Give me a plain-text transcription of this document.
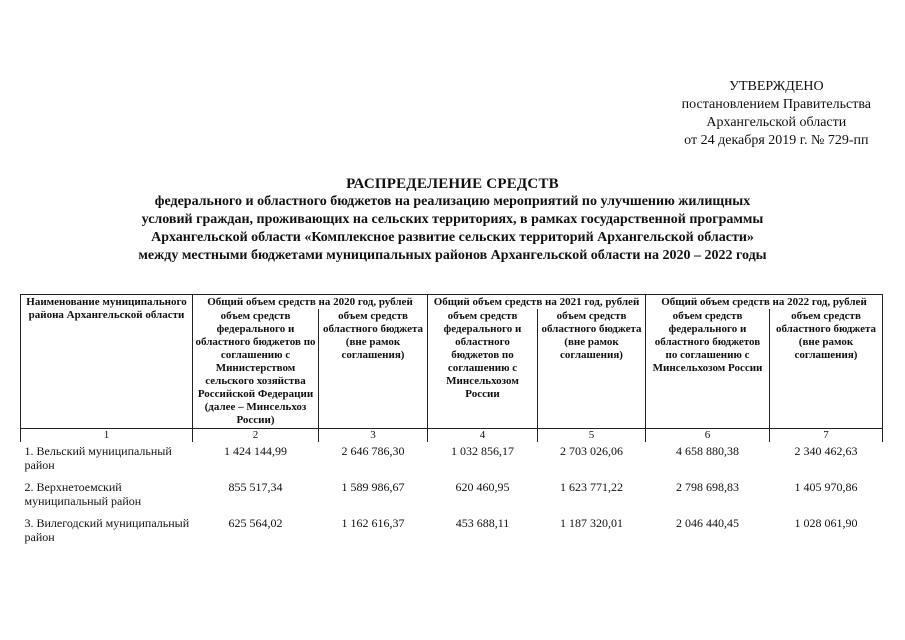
УТВЕРЖДЕНО
постановлением Правительства
Архангельской области
от 24 декабря 2019 г. № 729-пп
РАСПРЕДЕЛЕНИЕ СРЕДСТВ
федерального и областного бюджетов на реализацию мероприятий по улучшению жилищных
условий граждан, проживающих на сельских территориях, в рамках государственной программы
Архангельской области «Комплексное развитие сельских территорий Архангельской области»
между местными бюджетами муниципальных районов Архангельской области на 2020 – 2022 годы
Наименование муниципального района Архангельской области	Общий объем средств на 2020 год, рублей		Общий объем средств на 2021 год, рублей		Общий объем средств на 2022 год, рублей	
	объем средств федерального и областного бюджетов по соглашению с Министерством сельского хозяйства Российской Федерации (далее – Минсельхоз России)	объем средств областного бюджета (вне рамок соглашения)	объем средств федерального и областного бюджетов по соглашению с Минсельхозом России	объем средств областного бюджета (вне рамок соглашения)	объем средств федерального и областного бюджетов по соглашению с Минсельхозом России	объем средств областного бюджета (вне рамок соглашения)
1	2	3	4	5	6	7
1. Вельский муниципальный район	1 424 144,99	2 646 786,30	1 032 856,17	2 703 026,06	4 658 880,38	2 340 462,63
2. Верхнетоемский муниципальный район	855 517,34	1 589 986,67	620 460,95	1 623 771,22	2 798 698,83	1 405 970,86
3. Вилегодский муниципальный район	625 564,02	1 162 616,37	453 688,11	1 187 320,01	2 046 440,45	1 028 061,90
